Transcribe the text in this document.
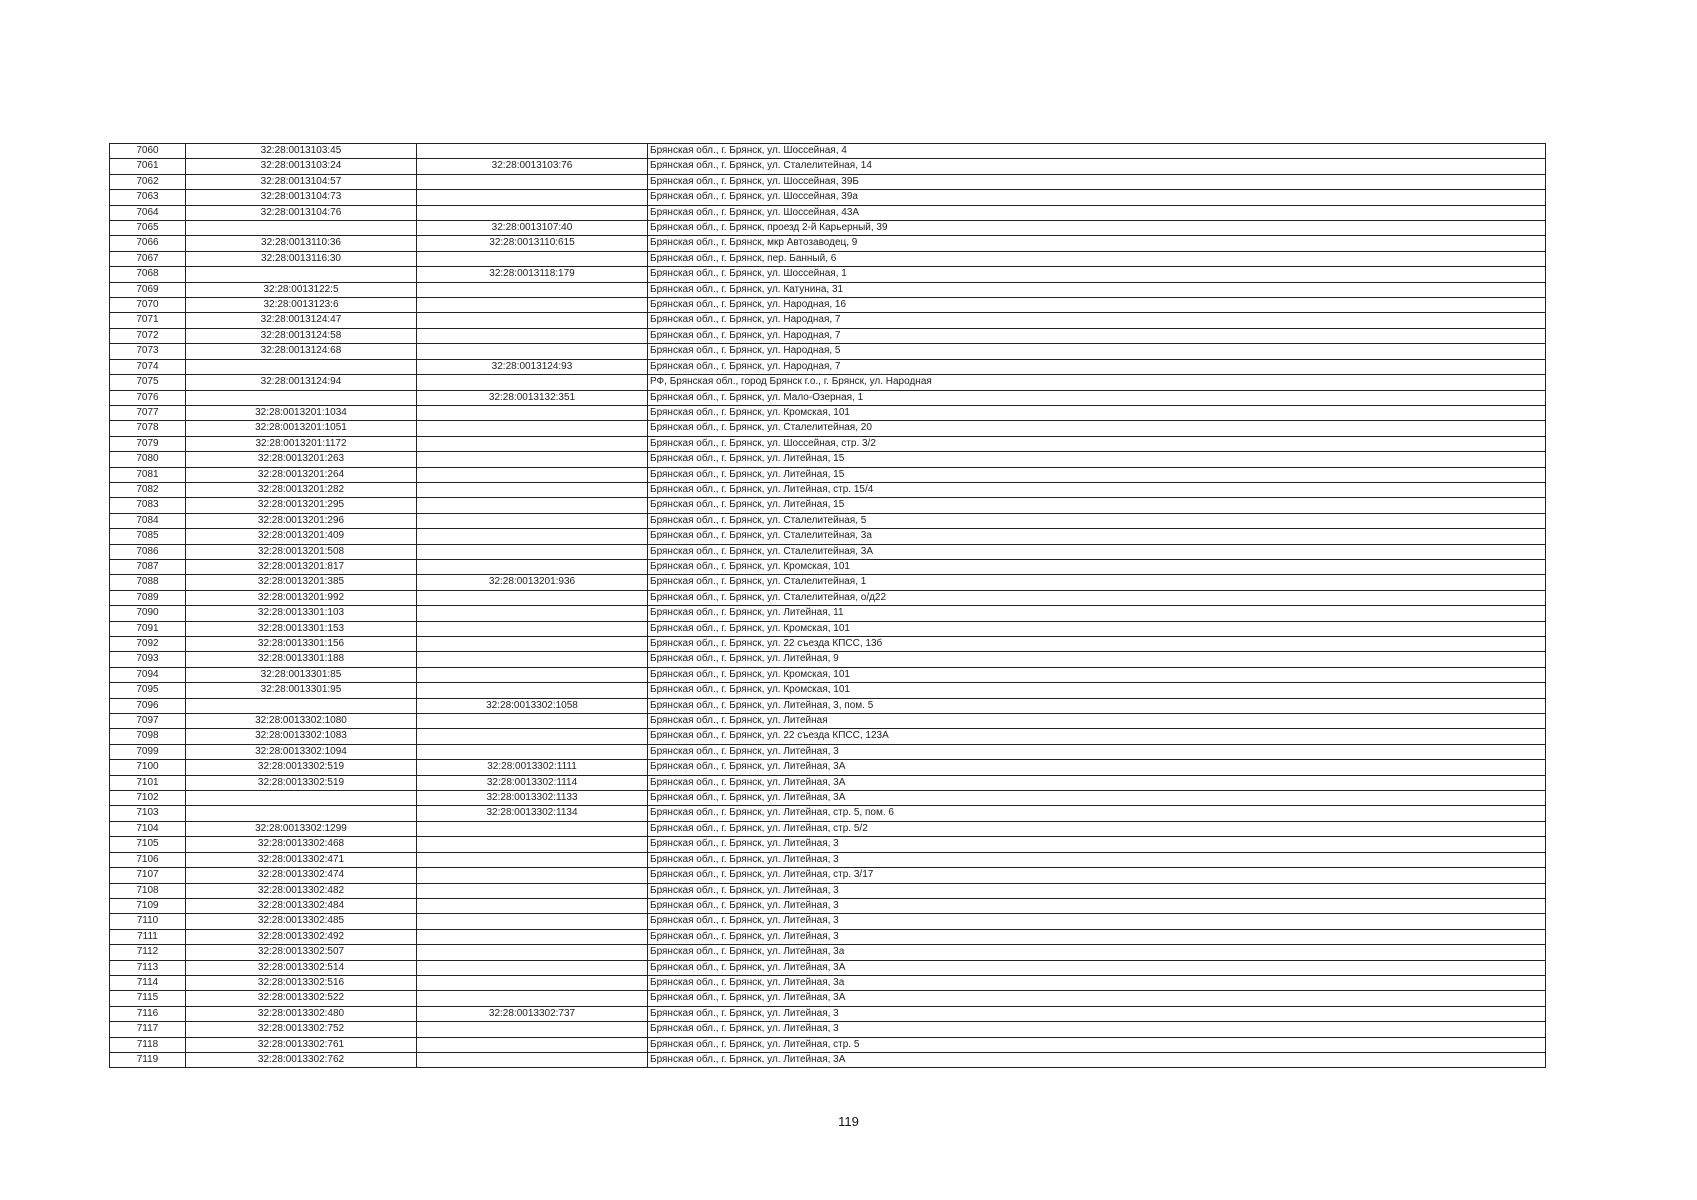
7060	32:28:0013103:45		Брянская обл., г. Брянск, ул. Шоссейная, 4
7061	32:28:0013103:24	32:28:0013103:76	Брянская обл., г. Брянск, ул. Сталелитейная, 14
7062	32:28:0013104:57		Брянская обл., г. Брянск, ул. Шоссейная, 39Б
7063	32:28:0013104:73		Брянская обл., г. Брянск, ул. Шоссейная, 39а
7064	32:28:0013104:76		Брянская обл., г. Брянск, ул. Шоссейная, 43А
7065		32:28:0013107:40	Брянская обл., г. Брянск, проезд 2-й Карьерный, 39
7066	32:28:0013110:36	32:28:0013110:615	Брянская обл., г. Брянск, мкр Автозаводец, 9
7067	32:28:0013116:30		Брянская обл., г. Брянск, пер. Банный, 6
7068		32:28:0013118:179	Брянская обл., г. Брянск, ул. Шоссейная, 1
7069	32:28:0013122:5		Брянская обл., г. Брянск, ул. Катунина, 31
7070	32:28:0013123:6		Брянская обл., г. Брянск, ул. Народная, 16
7071	32:28:0013124:47		Брянская обл., г. Брянск, ул. Народная, 7
7072	32:28:0013124:58		Брянская обл., г. Брянск, ул. Народная, 7
7073	32:28:0013124:68		Брянская обл., г. Брянск, ул. Народная, 5
7074		32:28:0013124:93	Брянская обл., г. Брянск, ул. Народная, 7
7075	32:28:0013124:94		РФ, Брянская обл., город Брянск г.о., г. Брянск, ул. Народная
7076		32:28:0013132:351	Брянская обл., г. Брянск, ул. Мало-Озерная, 1
7077	32:28:0013201:1034		Брянская обл., г. Брянск, ул. Кромская, 101
7078	32:28:0013201:1051		Брянская обл., г. Брянск, ул. Сталелитейная, 20
7079	32:28:0013201:1172		Брянская обл., г. Брянск, ул. Шоссейная, стр. 3/2
7080	32:28:0013201:263		Брянская обл., г. Брянск, ул. Литейная, 15
7081	32:28:0013201:264		Брянская обл., г. Брянск, ул. Литейная, 15
7082	32:28:0013201:282		Брянская обл., г. Брянск, ул. Литейная, стр. 15/4
7083	32:28:0013201:295		Брянская обл., г. Брянск, ул. Литейная, 15
7084	32:28:0013201:296		Брянская обл., г. Брянск, ул. Сталелитейная, 5
7085	32:28:0013201:409		Брянская обл., г. Брянск, ул. Сталелитейная, 3а
7086	32:28:0013201:508		Брянская обл., г. Брянск, ул. Сталелитейная, 3А
7087	32:28:0013201:817		Брянская обл., г. Брянск, ул. Кромская, 101
7088	32:28:0013201:385	32:28:0013201:936	Брянская обл., г. Брянск, ул. Сталелитейная, 1
7089	32:28:0013201:992		Брянская обл., г. Брянск, ул. Сталелитейная, о/д22
7090	32:28:0013301:103		Брянская обл., г. Брянск, ул. Литейная, 11
7091	32:28:0013301:153		Брянская обл., г. Брянск, ул. Кромская, 101
7092	32:28:0013301:156		Брянская обл., г. Брянск, ул. 22 съезда КПСС, 13б
7093	32:28:0013301:188		Брянская обл., г. Брянск, ул. Литейная, 9
7094	32:28:0013301:85		Брянская обл., г. Брянск, ул. Кромская, 101
7095	32:28:0013301:95		Брянская обл., г. Брянск, ул. Кромская, 101
7096		32:28:0013302:1058	Брянская обл., г. Брянск, ул. Литейная, 3, пом. 5
7097	32:28:0013302:1080		Брянская обл., г. Брянск, ул. Литейная
7098	32:28:0013302:1083		Брянская обл., г. Брянск, ул. 22 съезда КПСС, 123А
7099	32:28:0013302:1094		Брянская обл., г. Брянск, ул. Литейная, 3
7100	32:28:0013302:519	32:28:0013302:1111	Брянская обл., г. Брянск, ул. Литейная, 3А
7101	32:28:0013302:519	32:28:0013302:1114	Брянская обл., г. Брянск, ул. Литейная, 3А
7102		32:28:0013302:1133	Брянская обл., г. Брянск, ул. Литейная, 3А
7103		32:28:0013302:1134	Брянская обл., г. Брянск, ул. Литейная, стр. 5, пом. 6
7104	32:28:0013302:1299		Брянская обл., г. Брянск, ул. Литейная, стр. 5/2
7105	32:28:0013302:468		Брянская обл., г. Брянск, ул. Литейная, 3
7106	32:28:0013302:471		Брянская обл., г. Брянск, ул. Литейная, 3
7107	32:28:0013302:474		Брянская обл., г. Брянск, ул. Литейная, стр. 3/17
7108	32:28:0013302:482		Брянская обл., г. Брянск, ул. Литейная, 3
7109	32:28:0013302:484		Брянская обл., г. Брянск, ул. Литейная, 3
7110	32:28:0013302:485		Брянская обл., г. Брянск, ул. Литейная, 3
7111	32:28:0013302:492		Брянская обл., г. Брянск, ул. Литейная, 3
7112	32:28:0013302:507		Брянская обл., г. Брянск, ул. Литейная, 3а
7113	32:28:0013302:514		Брянская обл., г. Брянск, ул. Литейная, 3А
7114	32:28:0013302:516		Брянская обл., г. Брянск, ул. Литейная, 3а
7115	32:28:0013302:522		Брянская обл., г. Брянск, ул. Литейная, 3А
7116	32:28:0013302:480	32:28:0013302:737	Брянская обл., г. Брянск, ул. Литейная, 3
7117	32:28:0013302:752		Брянская обл., г. Брянск, ул. Литейная, 3
7118	32:28:0013302:761		Брянская обл., г. Брянск, ул. Литейная, стр. 5
7119	32:28:0013302:762		Брянская обл., г. Брянск, ул. Литейная, 3А
119
